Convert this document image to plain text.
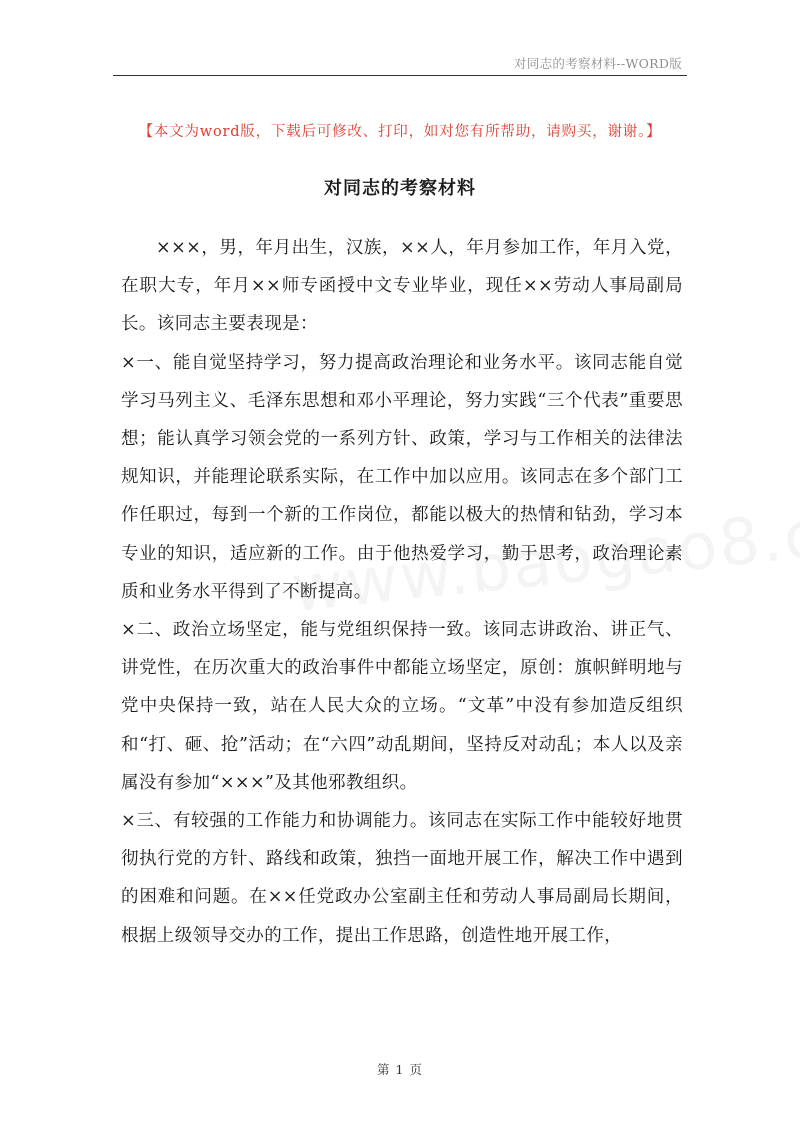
对同志的考察材料--WORD版
【本文为word版，下载后可修改、打印，如对您有所帮助，请购买，谢谢。】
对同志的考察材料

×××，男，年月出生，汉族，××人，年月参加工作，年月入党，在职大专，年月××师专函授中文专业毕业，现任××劳动人事局副局长。该同志主要表现是：

×一、能自觉坚持学习，努力提高政治理论和业务水平。该同志能自觉学习马列主义、毛泽东思想和邓小平理论，努力实践“三个代表”重要思想；能认真学习领会党的一系列方针、政策，学习与工作相关的法律法规知识，并能理论联系实际，在工作中加以应用。该同志在多个部门工作任职过，每到一个新的工作岗位，都能以极大的热情和钻劲，学习本专业的知识，适应新的工作。由于他热爱学习，勤于思考，政治理论素质和业务水平得到了不断提高。

×二、政治立场坚定，能与党组织保持一致。该同志讲政治、讲正气、讲党性，在历次重大的政治事件中都能立场坚定，原创：旗帜鲜明地与党中央保持一致，站在人民大众的立场。“文革”中没有参加造反组织和“打、砸、抢”活动；在“六四”动乱期间，坚持反对动乱；本人以及亲属没有参加“×××”及其他邪教组织。

×三、有较强的工作能力和协调能力。该同志在实际工作中能较好地贯彻执行党的方针、路线和政策，独挡一面地开展工作，解决工作中遇到的困难和问题。在××任党政办公室副主任和劳动人事局副局长期间，根据上级领导交办的工作，提出工作思路，创造性地开展工作，

第 1 页
